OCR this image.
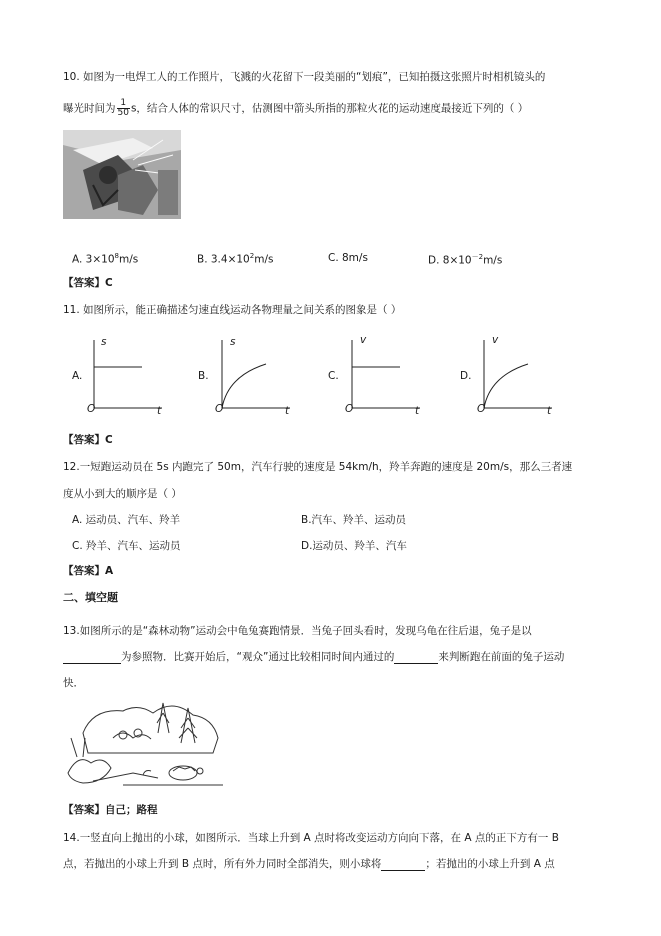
10. 如图为一电焊工人的工作照片，飞溅的火花留下一段美丽的“划痕”，已知拍摄这张照片时相机镜头的
曝光时间为 $\frac{1}{50}$ s，结合人体的常识尺寸，估测图中箭头所指的那粒火花的运动速度最接近下列的（ ）
A. $3\times 10^8m/s$	B. $3.4\times 10^2m/s$	C. 8m/s	D. $8\times 10^{-2}m/s$
【答案】C
11. 如图所示，能正确描述匀速直线运动各物理量之间关系的图象是（ ）
A.
s
O	t
B.
s
O	t
C.
v
O	t
D.
v
O	t
【答案】C
12.一短跑运动员在 5s 内跑完了 50m，汽车行驶的速度是 54km/h，羚羊奔跑的速度是 20m/s，那么三者速
度从小到大的顺序是（ ）
A. 运动员、汽车、羚羊	B.汽车、羚羊、运动员
C. 羚羊、汽车、运动员	D.运动员、羚羊、汽车
【答案】A
二、填空题
13.如图所示的是“森林动物”运动会中龟兔赛跑情景．当兔子回头看时，发现乌龟在往后退，兔子是以
为参照物．比赛开始后，“观众”通过比较相同时间内通过的	来判断跑在前面的兔子运动
快．
【答案】自己；路程
14.一竖直向上抛出的小球，如图所示．当球上升到 A 点时将改变运动方向向下落，在 A 点的正下方有一 B
点，若抛出的小球上升到 B 点时，所有外力同时全部消失，则小球将	；若抛出的小球上升到 A 点
